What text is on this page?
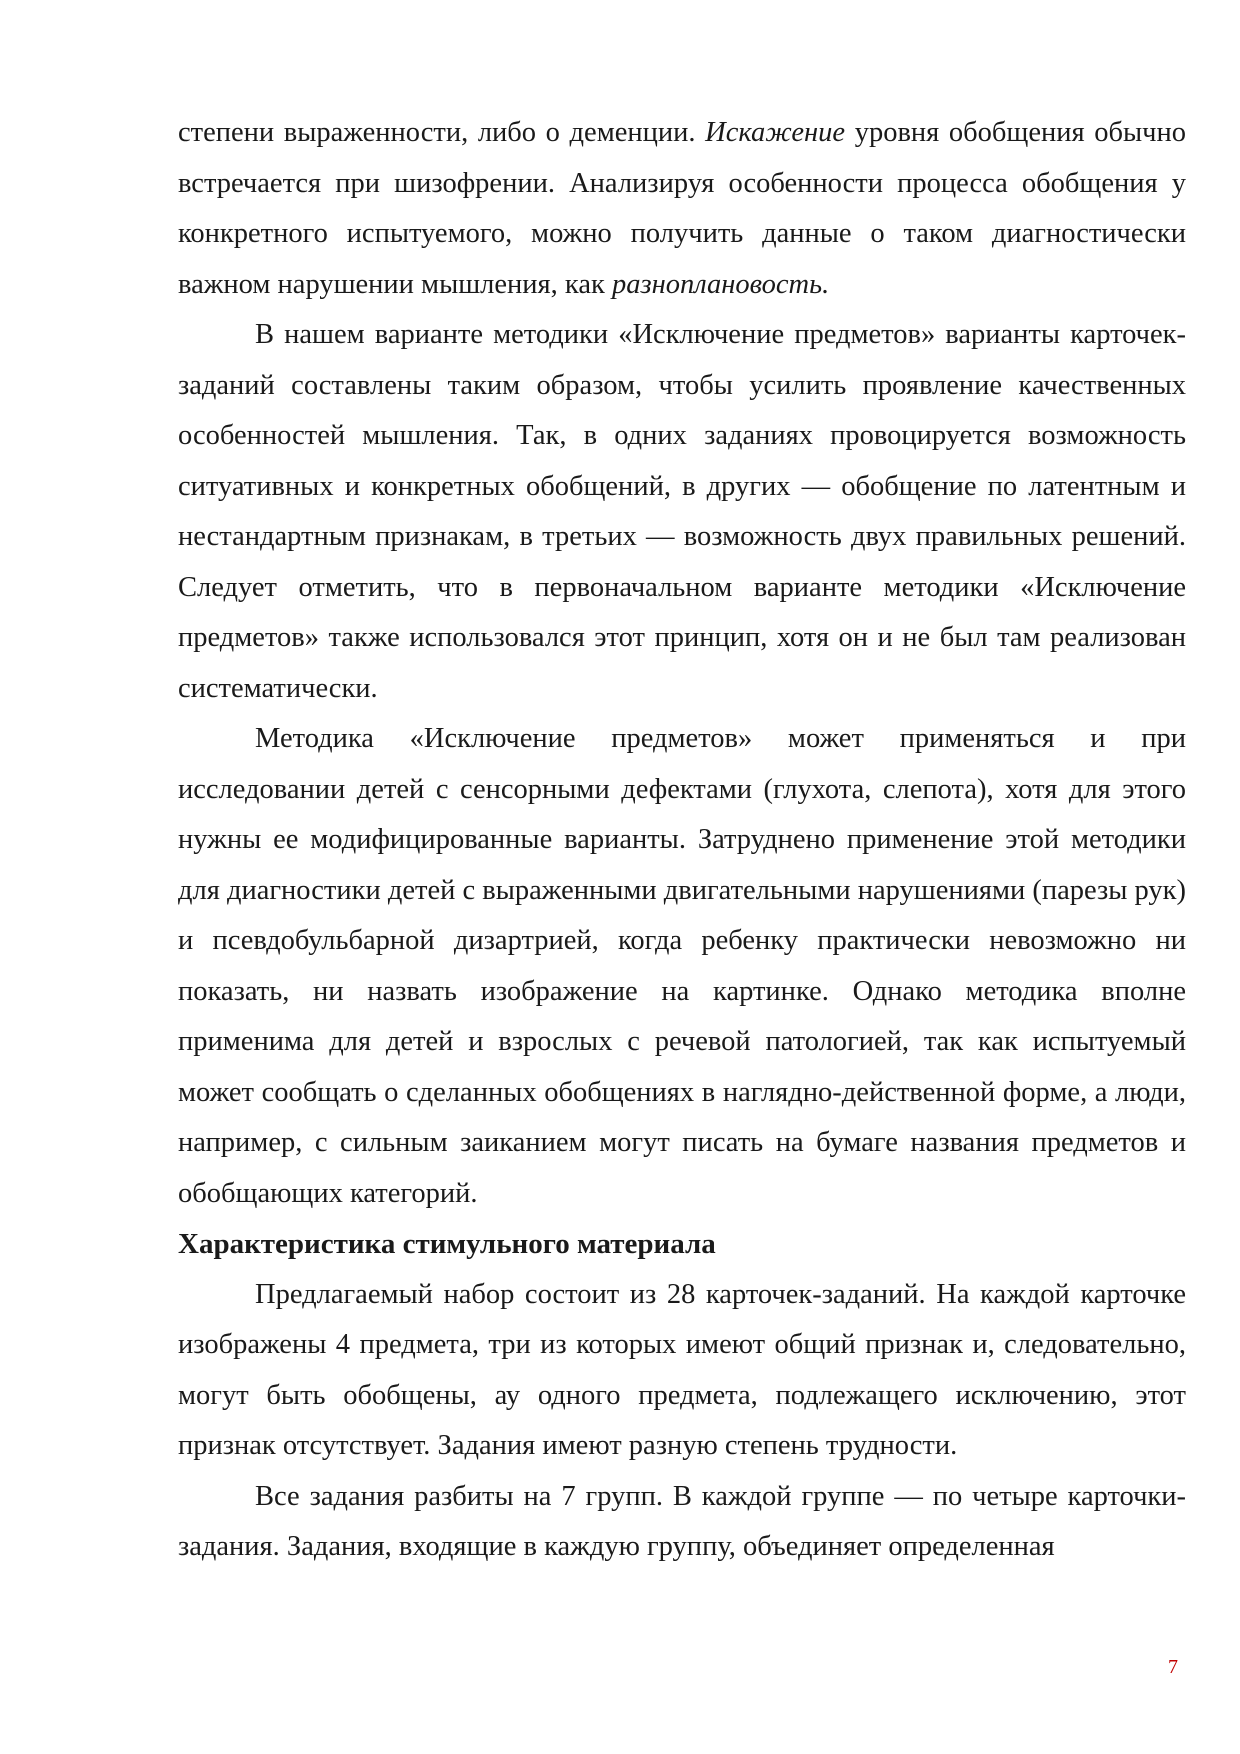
степени выраженности, либо о деменции. Искажение уровня обобщения обычно встречается при шизофрении. Анализируя особенности процесса обобщения у конкретного испытуемого, можно получить данные о таком диагностически важном нарушении мышления, как разноплановость.

В нашем варианте методики «Исключение предметов» варианты карточек-заданий составлены таким образом, чтобы усилить проявление качественных особенностей мышления. Так, в одних заданиях провоцируется возможность ситуативных и конкретных обобщений, в других — обобщение по латентным и нестандартным признакам, в третьих — возможность двух правильных решений. Следует отметить, что в первоначальном варианте методики «Исключение предметов» также использовался этот принцип, хотя он и не был там реализован систематически.

Методика «Исключение предметов» может применяться и при исследовании детей с сенсорными дефектами (глухота, слепота), хотя для этого нужны ее модифицированные варианты. Затруднено применение этой методики для диагностики детей с выраженными двигательными нарушениями (парезы рук) и псевдобульбарной дизартрией, когда ребенку практически невозможно ни показать, ни назвать изображение на картинке. Однако методика вполне применима для детей и взрослых с речевой патологией, так как испытуемый может сообщать о сделанных обобщениях в наглядно-действенной форме, а люди, например, с сильным заиканием могут писать на бумаге названия предметов и обобщающих категорий.

Характеристика стимульного материала

Предлагаемый набор состоит из 28 карточек-заданий. На каждой карточке изображены 4 предмета, три из которых имеют общий признак и, следовательно, могут быть обобщены, ау одного предмета, подлежащего исключению, этот признак отсутствует. Задания имеют разную степень трудности.

Все задания разбиты на 7 групп. В каждой группе — по четыре карточки-задания. Задания, входящие в каждую группу, объединяет определенная

7
